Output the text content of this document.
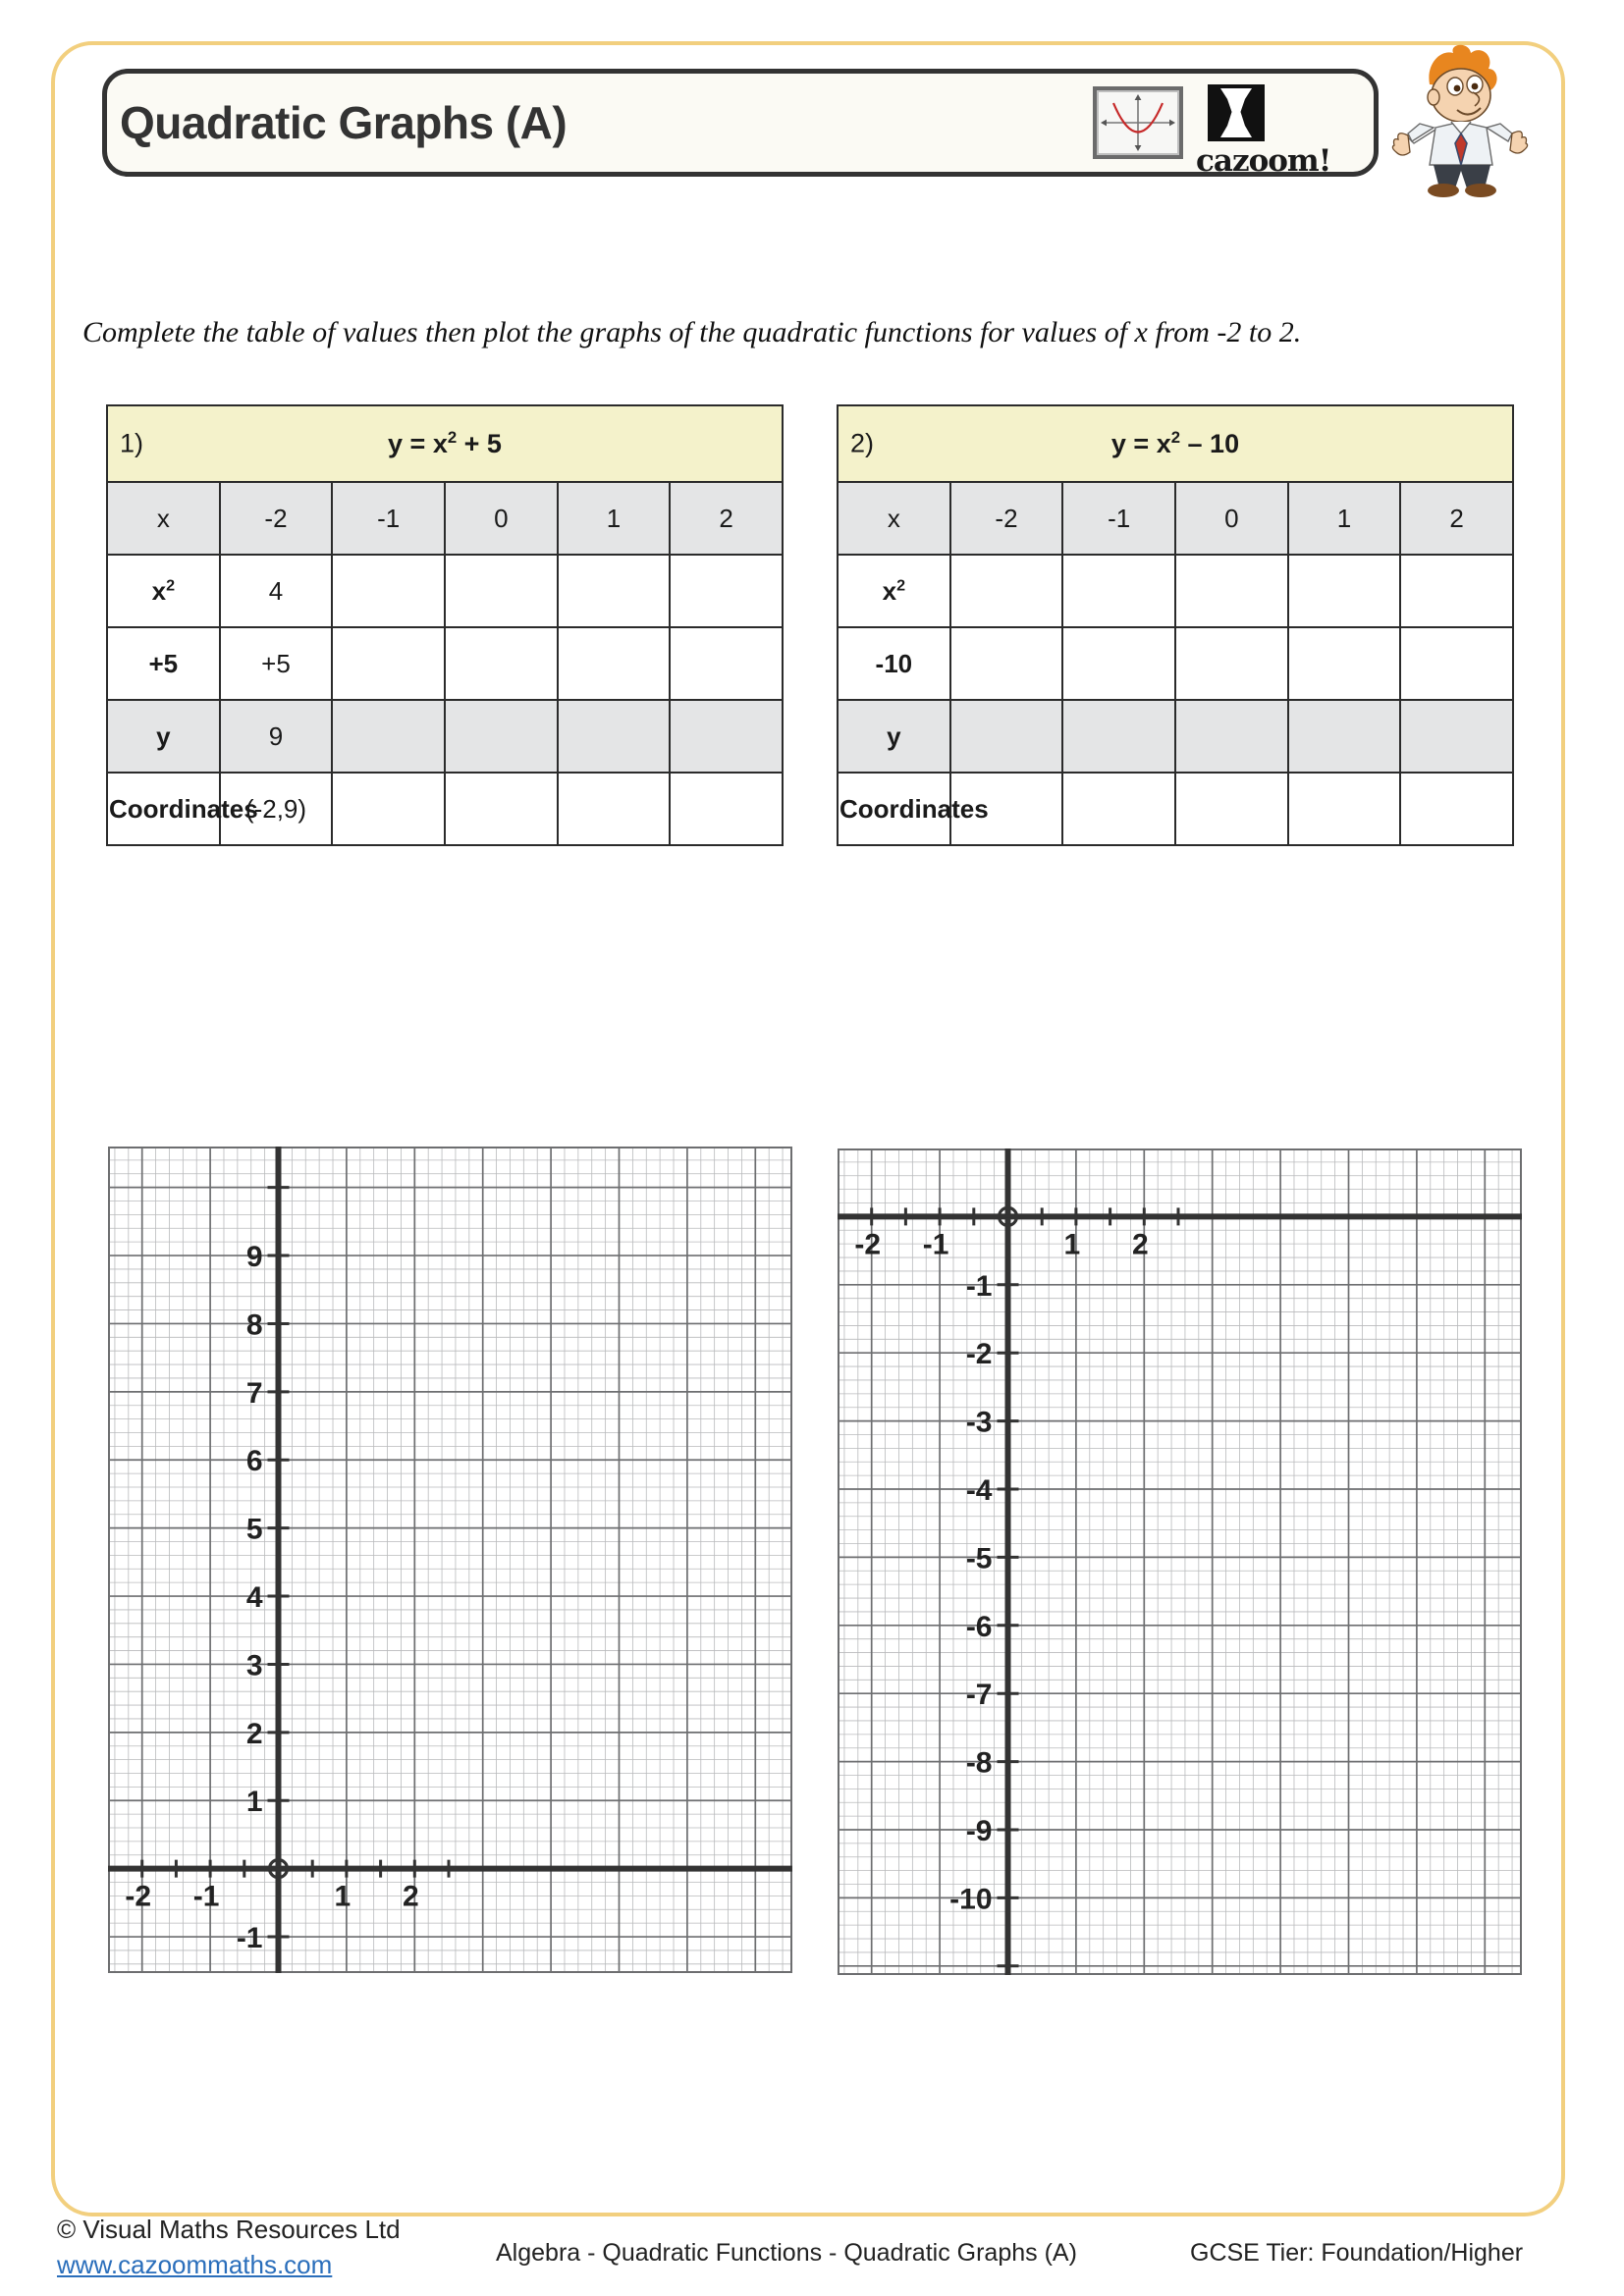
Quadratic Graphs (A)
cazoom!
Complete the table of values then plot the graphs of the quadratic functions for values of x from -2 to 2.
1) $y = x^2 + 5$					

x	-2	-1	0	1	2
$x^2$	4				
+5	+5				
y	9				
Coordinates	(-2,9)				
2) $y = x^2 - 10$					

x	-2	-1	0	1	2
$x^2$					
-10					
y					
Coordinates					
-2 -1	1 2
-1
1
2
3
4
5
6
7
8
9	-2 -1	1 2
-1
-2
-3
-4
-5
-6
-7
-8
-9
-10
© Visual Maths Resources Ltd
www.cazoommaths.com	Algebra - Quadratic Functions - Quadratic Graphs (A)	GCSE Tier: Foundation/Higher
